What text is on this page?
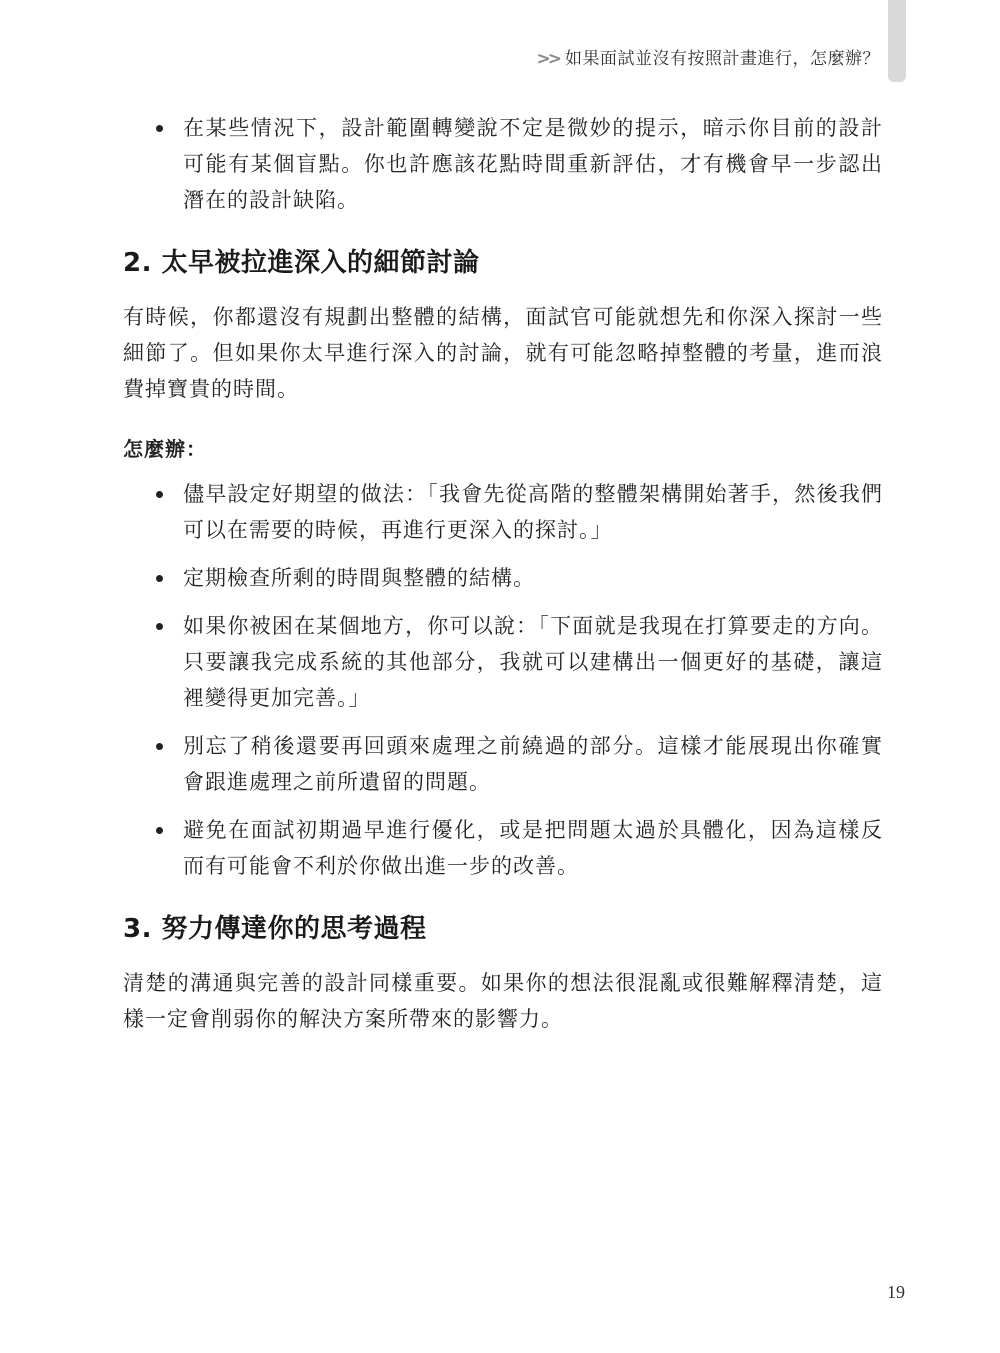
>> 如果面試並沒有按照計畫進行，怎麼辦？
在某些情況下，設計範圍轉變說不定是微妙的提示，暗示你目前的設計可能有某個盲點。你也許應該花點時間重新評估，才有機會早一步認出潛在的設計缺陷。
2. 太早被拉進深入的細節討論

有時候，你都還沒有規劃出整體的結構，面試官可能就想先和你深入探討一些細節了。但如果你太早進行深入的討論，就有可能忽略掉整體的考量，進而浪費掉寶貴的時間。

怎麼辦：
儘早設定好期望的做法：「我會先從高階的整體架構開始著手，然後我們可以在需要的時候，再進行更深入的探討。」
定期檢查所剩的時間與整體的結構。
如果你被困在某個地方，你可以說：「下面就是我現在打算要走的方向。只要讓我完成系統的其他部分，我就可以建構出一個更好的基礎，讓這裡變得更加完善。」
別忘了稍後還要再回頭來處理之前繞過的部分。這樣才能展現出你確實會跟進處理之前所遺留的問題。
避免在面試初期過早進行優化，或是把問題太過於具體化，因為這樣反而有可能會不利於你做出進一步的改善。
3. 努力傳達你的思考過程

清楚的溝通與完善的設計同樣重要。如果你的想法很混亂或很難解釋清楚，這樣一定會削弱你的解決方案所帶來的影響力。

19
